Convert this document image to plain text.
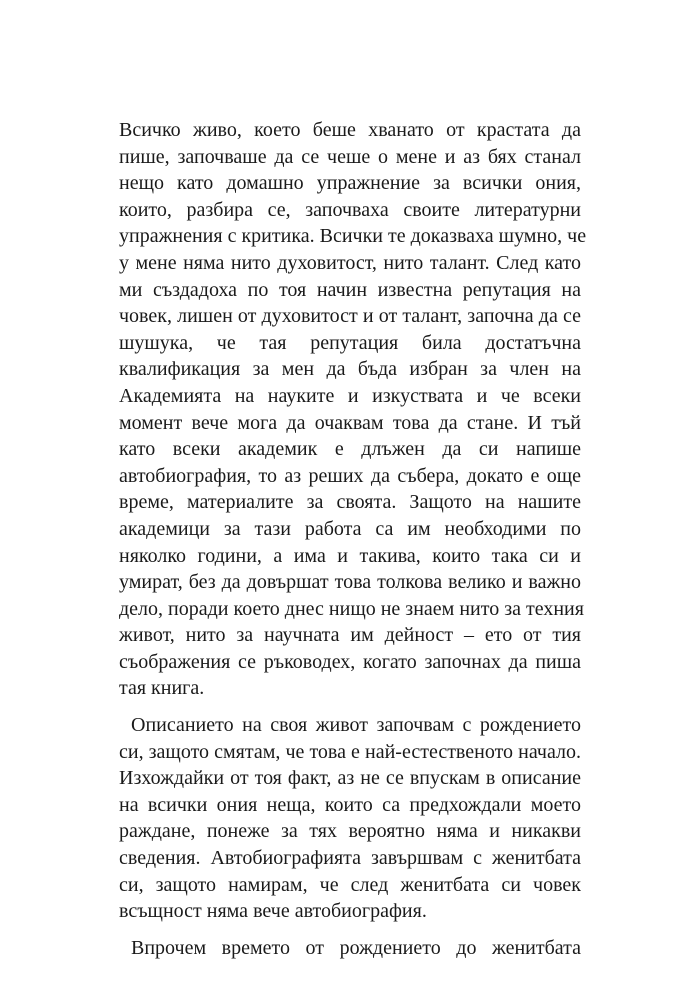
Всичко живо, което беше хванато от крастата да
пише, започваше да се чеше о мене и аз бях станал
нещо като домашно упражнение за всички ония,
които, разбира се, започваха своите литературни
упражнения с критика. Всички те доказваха шумно, че
у мене няма нито духовитост, нито талант. След като
ми създадоха по тоя начин известна репутация на
човек, лишен от духовитост и от талант, започна да се
шушука, че тая репутация била достатъчна
квалификация за мен да бъда избран за член на
Академията на науките и изкуствата и че всеки
момент вече мога да очаквам това да стане. И тъй
като всеки академик е длъжен да си напише
автобиография, то аз реших да събера, докато е още
време, материалите за своята. Защото на нашите
академици за тази работа са им необходими по
няколко години, а има и такива, които така си и
умират, без да довършат това толкова велико и важно
дело, поради което днес нищо не знаем нито за техния
живот, нито за научната им дейност – ето от тия
съображения се ръководех, когато започнах да пиша
тая книга.
Описанието на своя живот започвам с рождението
си, защото смятам, че това е най-естественото начало.
Изхождайки от тоя факт, аз не се впускам в описание
на всички ония неща, които са предхождали моето
раждане, понеже за тях вероятно няма и никакви
сведения. Автобиографията завършвам с женитбата
си, защото намирам, че след женитбата си човек
всъщност няма вече автобиография.
Впрочем времето от рождението до женитбата
